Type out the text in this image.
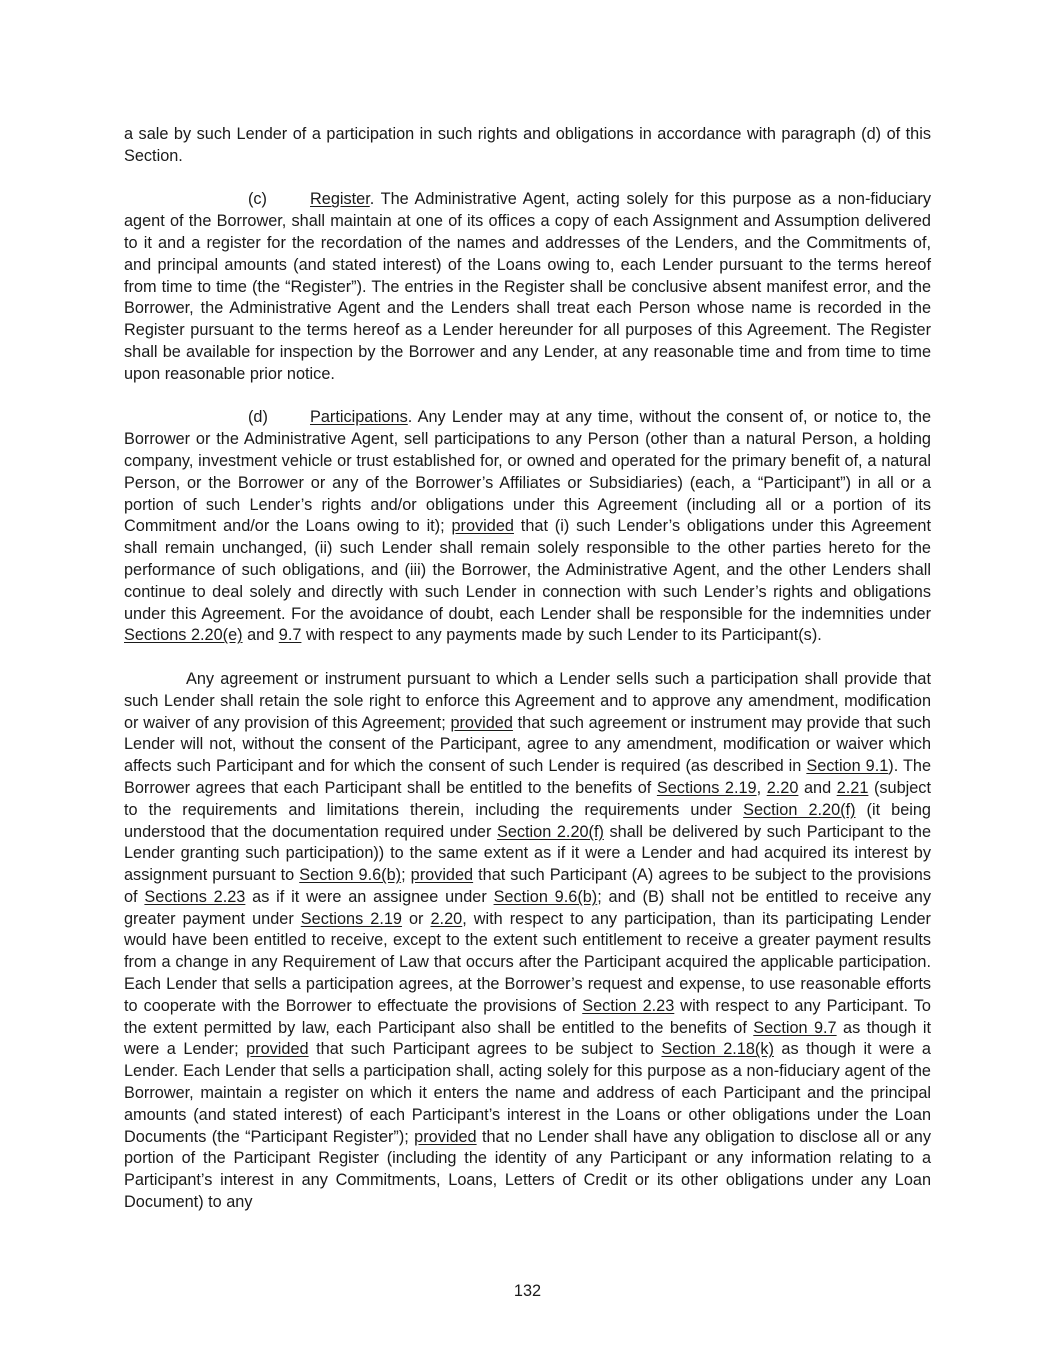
a sale by such Lender of a participation in such rights and obligations in accordance with paragraph (d) of this Section.

(c)	Register. The Administrative Agent, acting solely for this purpose as a non-fiduciary agent of the Borrower, shall maintain at one of its offices a copy of each Assignment and Assumption delivered to it and a register for the recordation of the names and addresses of the Lenders, and the Commitments of, and principal amounts (and stated interest) of the Loans owing to, each Lender pursuant to the terms hereof from time to time (the “Register”). The entries in the Register shall be conclusive absent manifest error, and the Borrower, the Administrative Agent and the Lenders shall treat each Person whose name is recorded in the Register pursuant to the terms hereof as a Lender hereunder for all purposes of this Agreement. The Register shall be available for inspection by the Borrower and any Lender, at any reasonable time and from time to time upon reasonable prior notice.

(d)	Participations. Any Lender may at any time, without the consent of, or notice to, the Borrower or the Administrative Agent, sell participations to any Person (other than a natural Person, a holding company, investment vehicle or trust established for, or owned and operated for the primary benefit of, a natural Person, or the Borrower or any of the Borrower’s Affiliates or Subsidiaries) (each, a “Participant”) in all or a portion of such Lender’s rights and/or obligations under this Agreement (including all or a portion of its Commitment and/or the Loans owing to it); provided that (i) such Lender’s obligations under this Agreement shall remain unchanged, (ii) such Lender shall remain solely responsible to the other parties hereto for the performance of such obligations, and (iii) the Borrower, the Administrative Agent, and the other Lenders shall continue to deal solely and directly with such Lender in connection with such Lender’s rights and obligations under this Agreement. For the avoidance of doubt, each Lender shall be responsible for the indemnities under Sections 2.20(e) and 9.7 with respect to any payments made by such Lender to its Participant(s).

Any agreement or instrument pursuant to which a Lender sells such a participation shall provide that such Lender shall retain the sole right to enforce this Agreement and to approve any amendment, modification or waiver of any provision of this Agreement; provided that such agreement or instrument may provide that such Lender will not, without the consent of the Participant, agree to any amendment, modification or waiver which affects such Participant and for which the consent of such Lender is required (as described in Section 9.1). The Borrower agrees that each Participant shall be entitled to the benefits of Sections 2.19, 2.20 and 2.21 (subject to the requirements and limitations therein, including the requirements under Section 2.20(f) (it being understood that the documentation required under Section 2.20(f) shall be delivered by such Participant to the Lender granting such participation)) to the same extent as if it were a Lender and had acquired its interest by assignment pursuant to Section 9.6(b); provided that such Participant (A) agrees to be subject to the provisions of Sections 2.23 as if it were an assignee under Section 9.6(b); and (B) shall not be entitled to receive any greater payment under Sections 2.19 or 2.20, with respect to any participation, than its participating Lender would have been entitled to receive, except to the extent such entitlement to receive a greater payment results from a change in any Requirement of Law that occurs after the Participant acquired the applicable participation. Each Lender that sells a participation agrees, at the Borrower’s request and expense, to use reasonable efforts to cooperate with the Borrower to effectuate the provisions of Section 2.23 with respect to any Participant. To the extent permitted by law, each Participant also shall be entitled to the benefits of Section 9.7 as though it were a Lender; provided that such Participant agrees to be subject to Section 2.18(k) as though it were a Lender. Each Lender that sells a participation shall, acting solely for this purpose as a non-fiduciary agent of the Borrower, maintain a register on which it enters the name and address of each Participant and the principal amounts (and stated interest) of each Participant’s interest in the Loans or other obligations under the Loan Documents (the “Participant Register”); provided that no Lender shall have any obligation to disclose all or any portion of the Participant Register (including the identity of any Participant or any information relating to a Participant’s interest in any Commitments, Loans, Letters of Credit or its other obligations under any Loan Document) to any

132
